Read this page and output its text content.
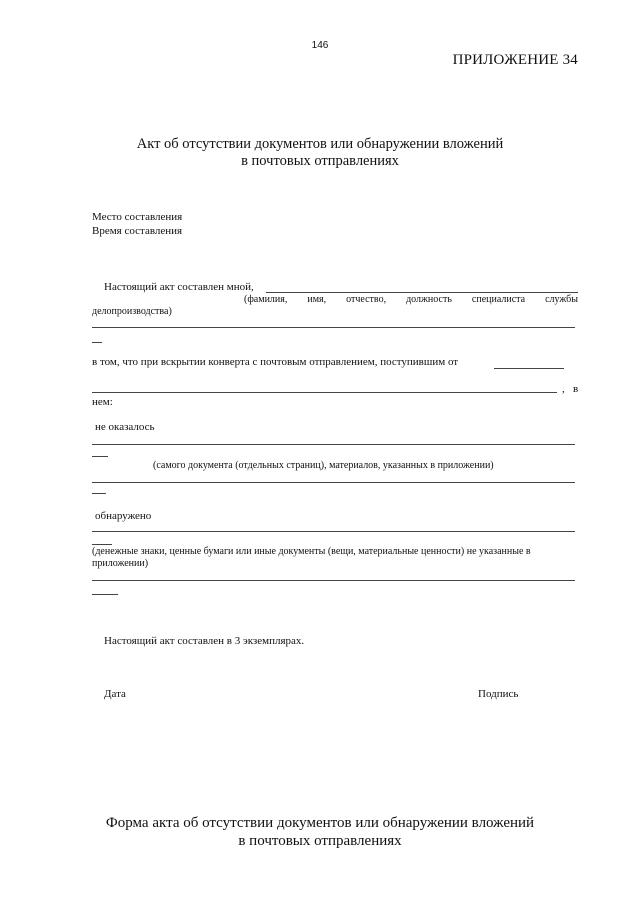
146
ПРИЛОЖЕНИЕ 34
Акт об отсутствии документов или обнаружении вложений
в почтовых отправлениях
Место составления
Время составления
Настоящий акт составлен мной,
(фамилия, имя, отчество, должность специалиста службы
делопроизводства)
в том, что при вскрытии конверта с почтовым отправлением, поступившим от
,   в
нем:
не оказалось
(самого документа (отдельных страниц), материалов, указанных в приложении)
обнаружено
(денежные знаки, ценные бумаги или иные документы (вещи, материальные ценности) не указанные в
приложении)
Настоящий акт составлен в 3 экземплярах.
Дата	Подпись
Форма акта об отсутствии документов или обнаружении вложений
в почтовых отправлениях
